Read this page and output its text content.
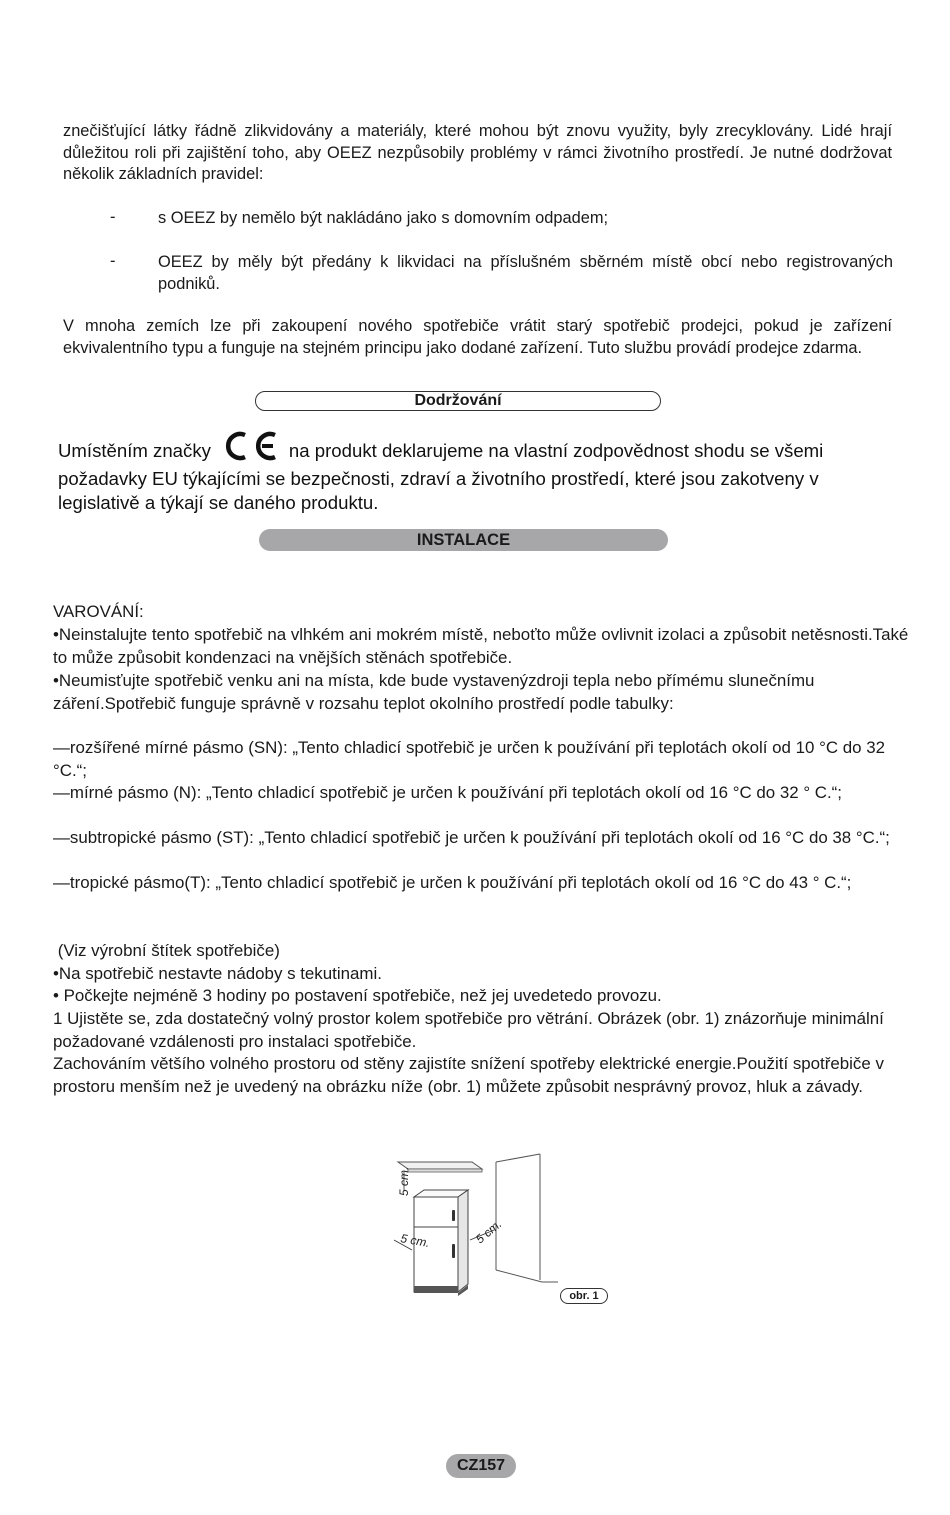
znečišťující látky řádně zlikvidovány a materiály, které mohou být znovu využity, byly zrecyklovány. Lidé hrají důležitou roli při zajištění toho, aby OEEZ nezpůsobily problémy v rámci životního prostředí. Je nutné dodržovat několik základních pravidel:

-	s OEEZ by nemělo být nakládáno jako s domovním odpadem;

-	OEEZ by měly být předány k likvidaci na příslušném sběrném místě obcí nebo registrovaných podniků.

V mnoha zemích lze při zakoupení nového spotřebiče vrátit starý spotřebič prodejci, pokud je zařízení ekvivalentního typu a funguje na stejném principu jako dodané zařízení. Tuto službu provádí prodejce zdarma.

Dodržování
Umístěním značky	na produkt deklarujeme na vlastní zodpovědnost shodu se všemi požadavky EU týkajícími se bezpečnosti, zdraví a životního prostředí, které jsou zakotveny v legislativě a týkají se daného produktu.
INSTALACE

VAROVÁNÍ:

•Neinstalujte tento spotřebič na vlhkém ani mokrém místě, neboťto může ovlivnit izolaci a způsobit netěsnosti.Také to může způsobit kondenzaci na vnějších stěnách spotřebiče.

•Neumisťujte spotřebič venku ani na místa, kde bude vystavenýzdroji tepla nebo přímému slunečnímu záření.Spotřebič funguje správně v rozsahu teplot okolního prostředí podle tabulky:

—rozšířené mírné pásmo (SN): „Tento chladicí spotřebič je určen k používání při teplotách okolí od 10 °C do 32 °C.“;

—mírné pásmo (N): „Tento chladicí spotřebič je určen k používání při teplotách okolí od 16 °C do 32 ° C.“;

—subtropické pásmo (ST): „Tento chladicí spotřebič je určen k používání při teplotách okolí od 16 °C do 38 °C.“;

—tropické pásmo(T): „Tento chladicí spotřebič je určen k používání při teplotách okolí od 16 °C do 43 ° C.“;

(Viz výrobní štítek spotřebiče)

•Na spotřebič nestavte nádoby s tekutinami.

• Počkejte nejméně 3 hodiny po postavení spotřebiče, než jej uvedetedo provozu.

1 Ujistěte se, zda dostatečný volný prostor kolem spotřebiče pro větrání. Obrázek (obr. 1) znázorňuje minimální požadované vzdálenosti pro instalaci spotřebiče.

Zachováním většího volného prostoru od stěny zajistíte snížení spotřeby elektrické energie.Použití spotřebiče v prostoru menším než je uvedený na obrázku níže (obr. 1) můžete způsobit nesprávný provoz, hluk a závady.

5 cm.
5 cm.	5 cm.
obr. 1
CZ157
